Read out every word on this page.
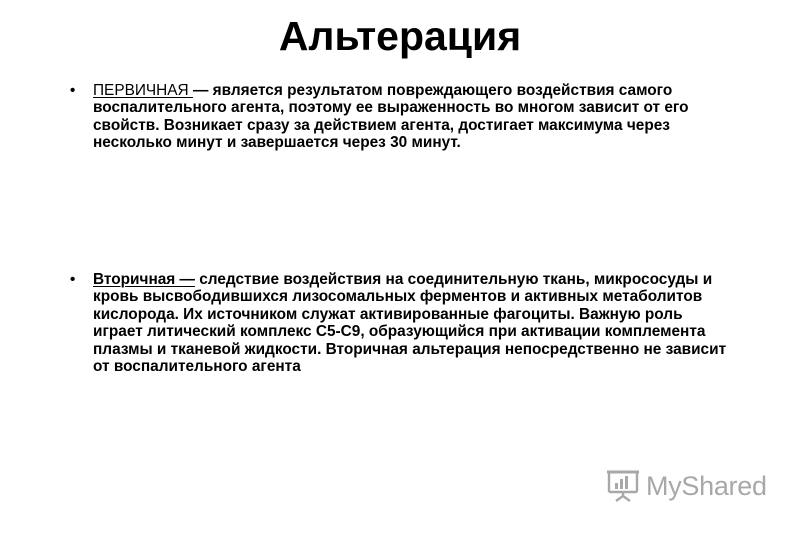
Альтерация
• ПЕРВИЧНАЯ — является результатом повреждающего воздействия самого воспалительного агента, поэтому ее выраженность во многом зависит от его свойств. Возникает сразу за действием агента, достигает максимума через несколько минут и завершается через 30 минут.
• Вторичная — следствие воздействия на соединительную ткань, микрососуды и кровь высвободившихся лизосомальных ферментов и активных метаболитов кислорода. Их источником служат активированные фагоциты. Важную роль играет литический комплекс С5-С9, образующийся при активации комплемента плазмы и тканевой жидкости. Вторичная альтерация непосредственно не зависит от воспалительного агента
MyShared
